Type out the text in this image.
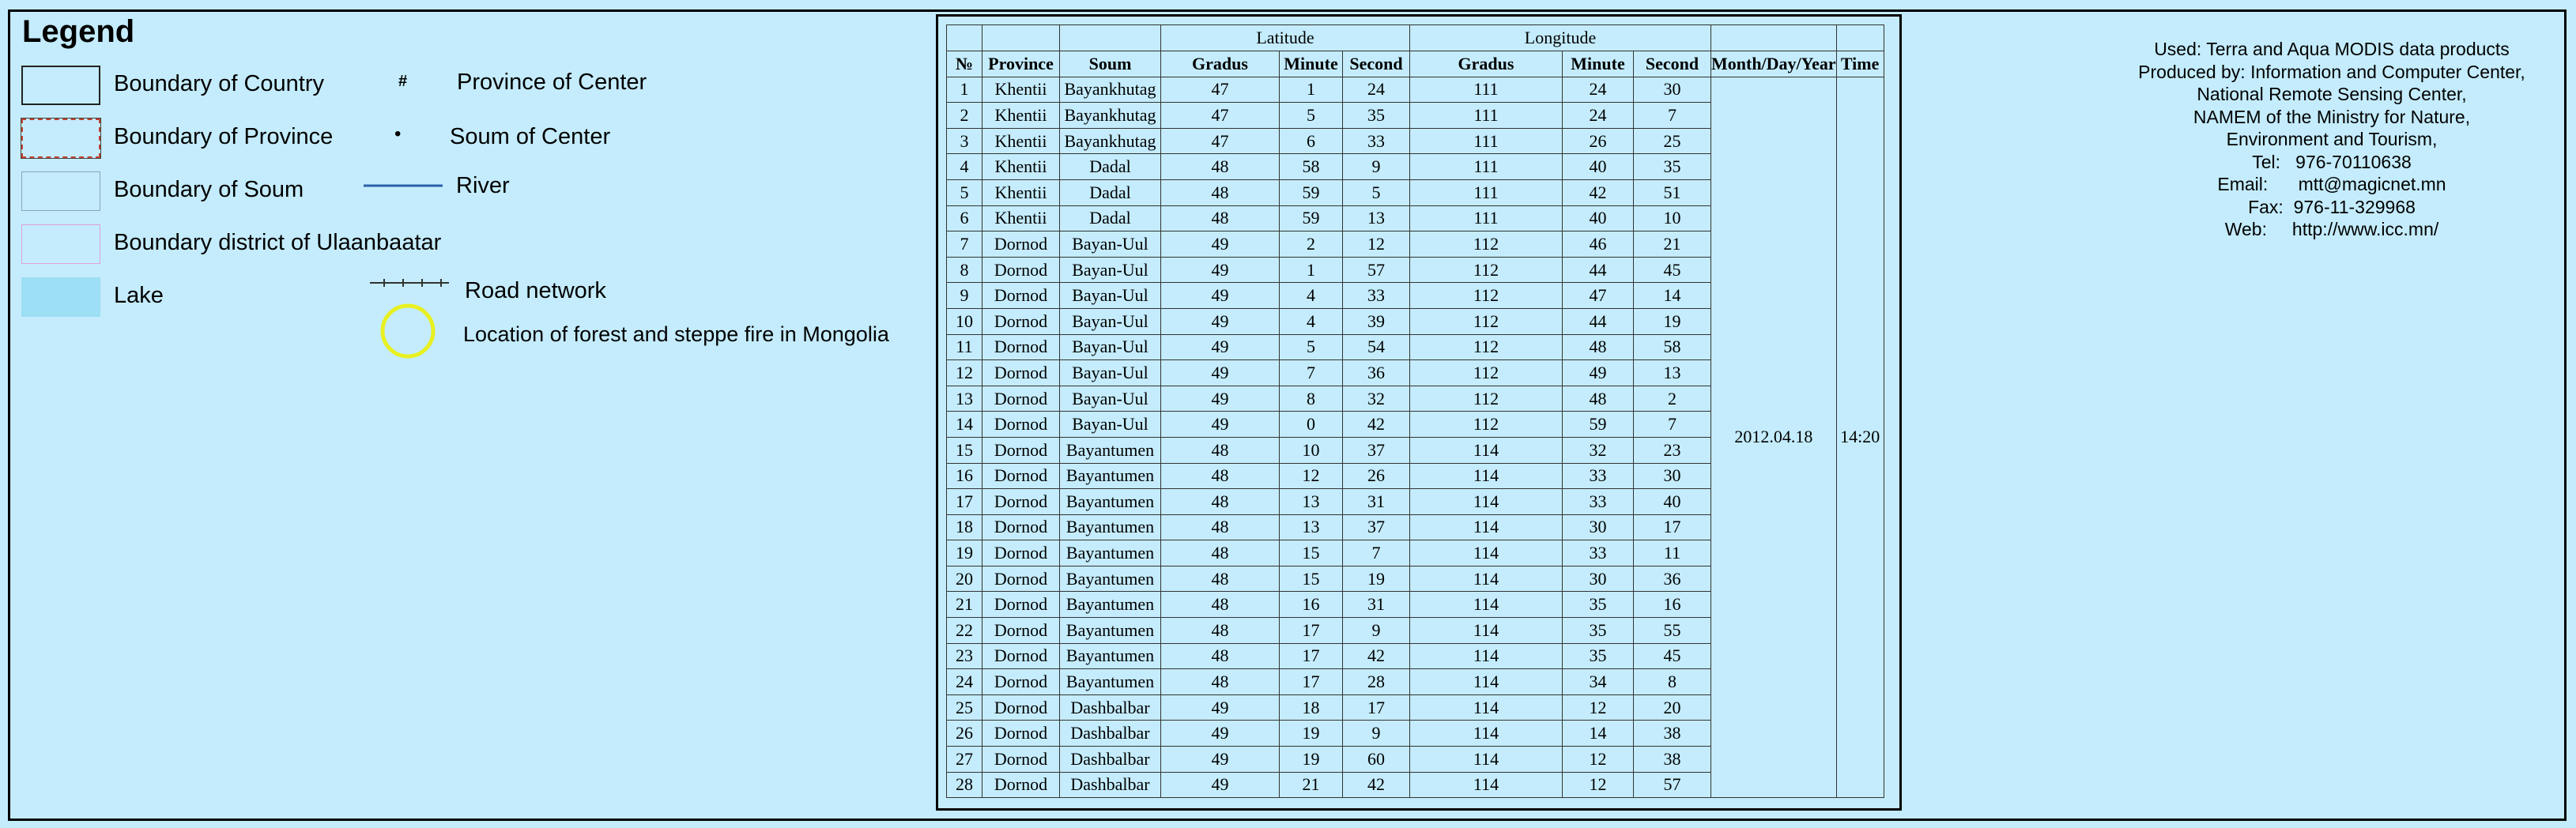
Legend
Boundary of Country
Boundary of Province
Boundary of Soum
Boundary district of Ulaanbaatar
Lake
# Province of Center
• Soum of Center
River
Road network
Location of forest and steppe fire in Mongolia
			Latitude			Longitude				
№	Province	Soum	Gradus	Minute	Second	Gradus	Minute	Second	Month/Day/Year	Time
1	Khentii	Bayankhutag	47	1	24	111	24	30	2012.04.18	14:20
2	Khentii	Bayankhutag	47	5	35	111	24	7		
3	Khentii	Bayankhutag	47	6	33	111	26	25		
4	Khentii	Dadal	48	58	9	111	40	35		
5	Khentii	Dadal	48	59	5	111	42	51		
6	Khentii	Dadal	48	59	13	111	40	10		
7	Dornod	Bayan-Uul	49	2	12	112	46	21		
8	Dornod	Bayan-Uul	49	1	57	112	44	45		
9	Dornod	Bayan-Uul	49	4	33	112	47	14		
10	Dornod	Bayan-Uul	49	4	39	112	44	19		
11	Dornod	Bayan-Uul	49	5	54	112	48	58		
12	Dornod	Bayan-Uul	49	7	36	112	49	13		
13	Dornod	Bayan-Uul	49	8	32	112	48	2		
14	Dornod	Bayan-Uul	49	0	42	112	59	7		
15	Dornod	Bayantumen	48	10	37	114	32	23		
16	Dornod	Bayantumen	48	12	26	114	33	30		
17	Dornod	Bayantumen	48	13	31	114	33	40		
18	Dornod	Bayantumen	48	13	37	114	30	17		
19	Dornod	Bayantumen	48	15	7	114	33	11		
20	Dornod	Bayantumen	48	15	19	114	30	36		
21	Dornod	Bayantumen	48	16	31	114	35	16		
22	Dornod	Bayantumen	48	17	9	114	35	55		
23	Dornod	Bayantumen	48	17	42	114	35	45		
24	Dornod	Bayantumen	48	17	28	114	34	8		
25	Dornod	Dashbalbar	49	18	17	114	12	20		
26	Dornod	Dashbalbar	49	19	9	114	14	38		
27	Dornod	Dashbalbar	49	19	60	114	12	38		
28	Dornod	Dashbalbar	49	21	42	114	12	57		
Used: Terra and Aqua MODIS data products
Produced by: Information and Computer Center,
National Remote Sensing Center,
NAMEM of the Ministry for Nature,
Environment and Tourism,
Tel:   976-70110638
Email:      mtt@magicnet.mn
Fax:  976-11-329968
Web:     http://www.icc.mn/
